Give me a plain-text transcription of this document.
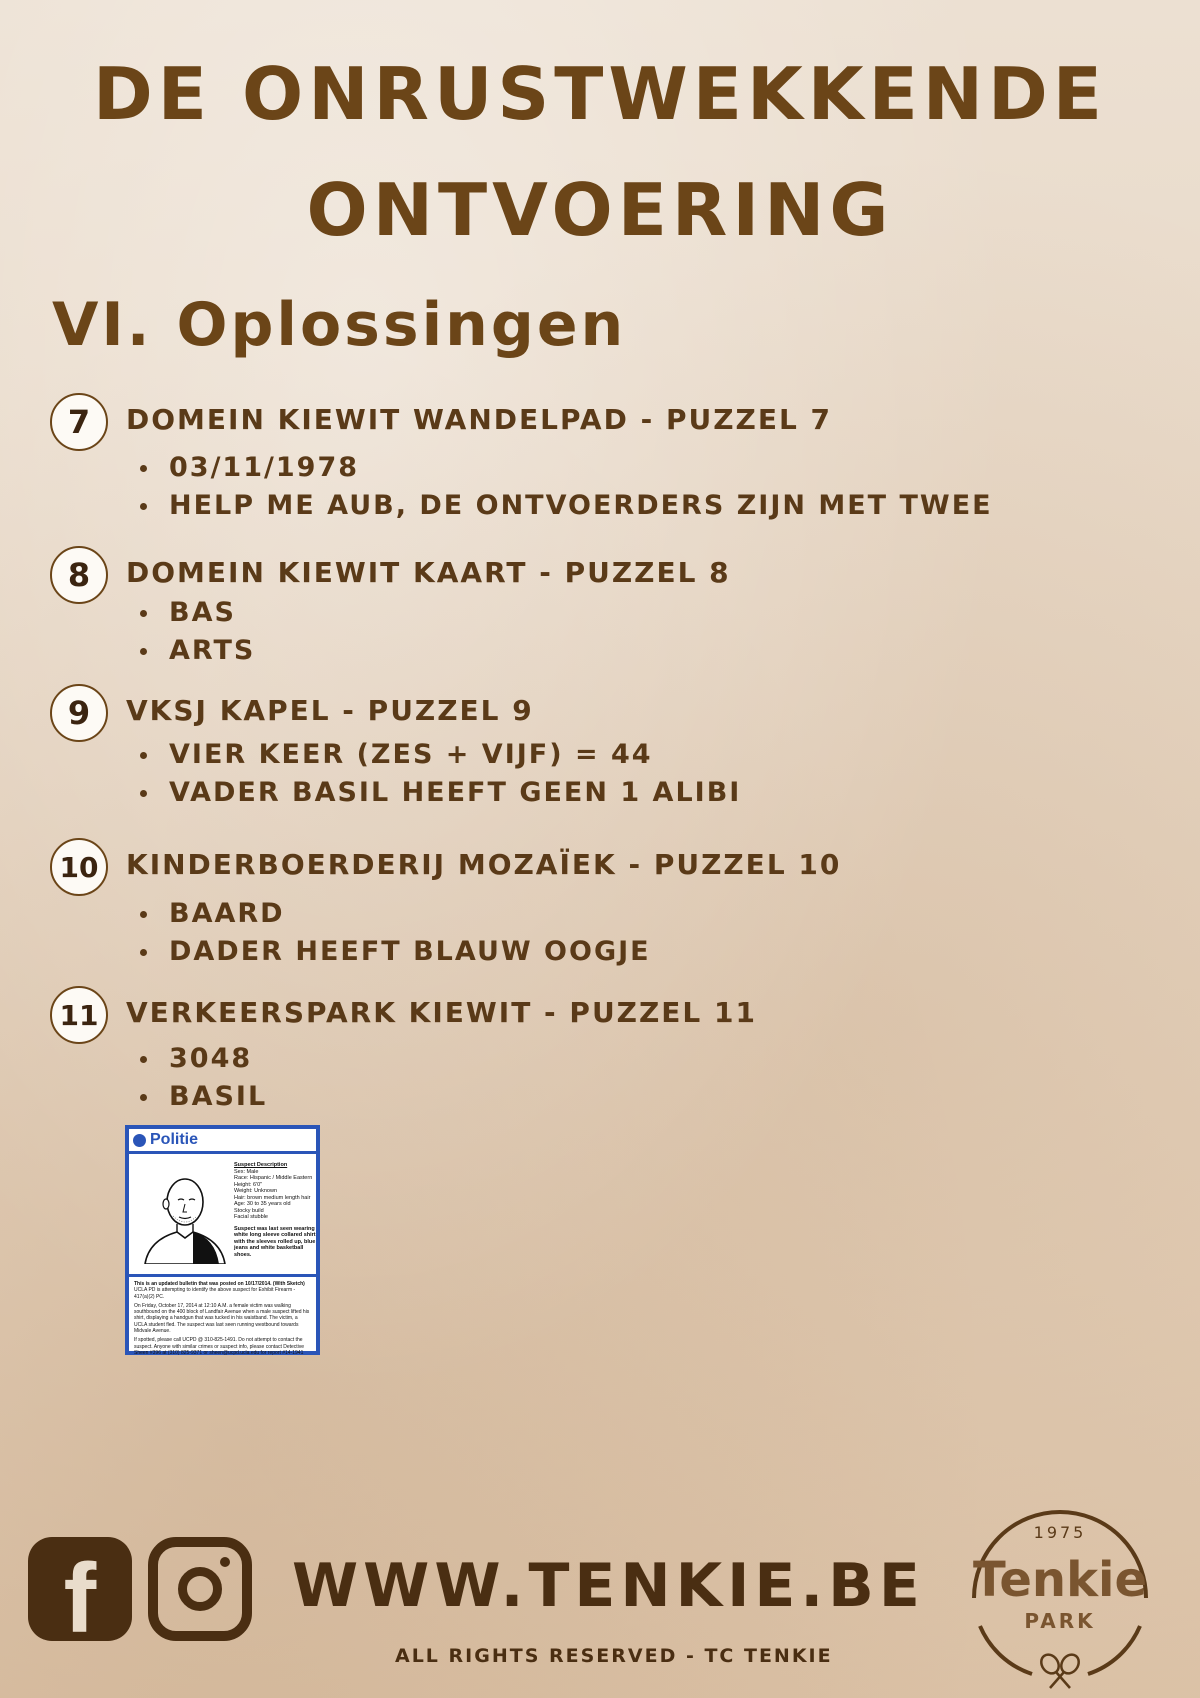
DE ONRUSTWEKKENDE
ONTVOERING
VI. Oplossingen
7	DOMEIN KIEWIT WANDELPAD - PUZZEL 7
03/11/1978
HELP ME AUB, DE ONTVOERDERS ZIJN MET TWEE
8	DOMEIN KIEWIT KAART - PUZZEL 8
BAS
ARTS
9	VKSJ KAPEL - PUZZEL 9
VIER KEER (ZES + VIJF) = 44
VADER BASIL HEEFT GEEN 1 ALIBI
10 KINDERBOERDERIJ MOZAÏEK - PUZZEL 10
BAARD
DADER HEEFT BLAUW OOGJE
11 VERKEERSPARK KIEWIT - PUZZEL 11
3048
BASIL
Politie
Suspect Description
Sex: Male
Race: Hispanic / Middle Eastern
Height: 6'0"
Weight: Unknown
Hair: brown medium length hair
Age: 30 to 35 years old
Stocky build
Facial stubble
Suspect was last seen wearing white long sleeve collared shirt with the sleeves rolled up, blue jeans and white basketball shoes.
This is an updated bulletin that was posted on 10/17/2014. (With Sketch)
UCLA PD is attempting to identify the above suspect for Exhibit Firearm - 417(a)(2) PC.
On Friday, October 17, 2014 at 12:10 A.M. a female victim was walking southbound on the 400 block of Landfair Avenue when a male suspect lifted his shirt, displaying a handgun that was tucked in his waistband. The victim, a UCLA student fled. The suspect was last seen running westbound towards Midvale Avenue.
If spotted, please call UCPD @ 310-825-1491. Do not attempt to contact the suspect. Anyone with similar crimes or suspect info, please contact Detective Sheen #396 at (310) 825-9371 or sheen@ucpd.ucla.edu for report #14-1941
f	WWW.TENKIE.BE
ALL RIGHTS RESERVED - TC TENKIE
1975
Tenkie
PARK
